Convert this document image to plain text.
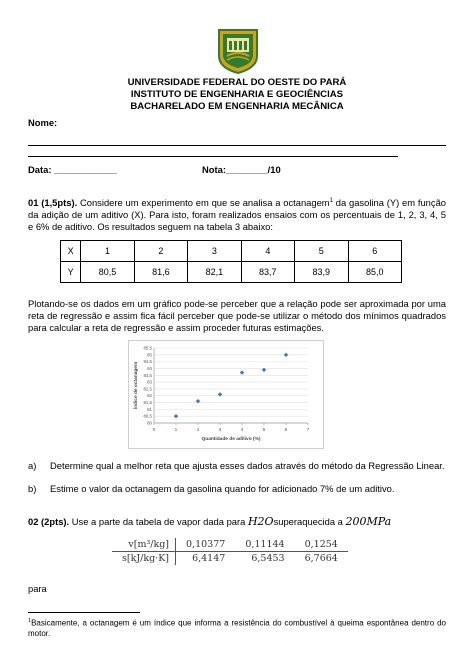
UNIVERSIDADE FEDERAL DO OESTE DO PARÁ
INSTITUTO DE ENGENHARIA E GEOCIÊNCIAS
BACHARELADO EM ENGENHARIA MECÂNICA
Nome:
Data: ____________	Nota:________/10
01 (1,5pts). Considere um experimento em que se analisa a octanagem$^1$ da gasolina (Y) em função da adição de um aditivo (X). Para isto, foram realizados ensaios com os percentuais de 1, 2, 3, 4, 5 e 6% de aditivo. Os resultados seguem na tabela 3 abaixo:
X	1	2	3	4	5	6
Y	80,5	81,6	82,1	83,7	83,9	85,0
Plotando-se os dados em um gráfico pode-se perceber que a relação pode ser aproximada por uma reta de regressão e assim fica fácil perceber que pode-se utilizar o método dos mínimos quadrados para calcular a reta de regressão e assim proceder futuras estimações.
80
80,5
81
81,5
82
82,5
83
83,5
84
84,5
85
85,5
0	1	2	3	4	5	6	7
Quantidade de aditivo (%)
Índice de octanagem
a) Determine qual a melhor reta que ajusta esses dados através do método da Regressão Linear.
b) Estime o valor da octanagem da gasolina quando for adicionado 7% de um aditivo.
02 (2pts). Use a parte da tabela de vapor dada para H2Osuperaquecida a 200MPa
v[m³/kg]	0,10377	0,11144	0,1254
s[kJ/kg·K]	6,4147	6,5453	6,7664
para
$^1$Basicamente, a octanagem é um índice que informa a resistência do combustível à queima espontânea dentro do motor.
